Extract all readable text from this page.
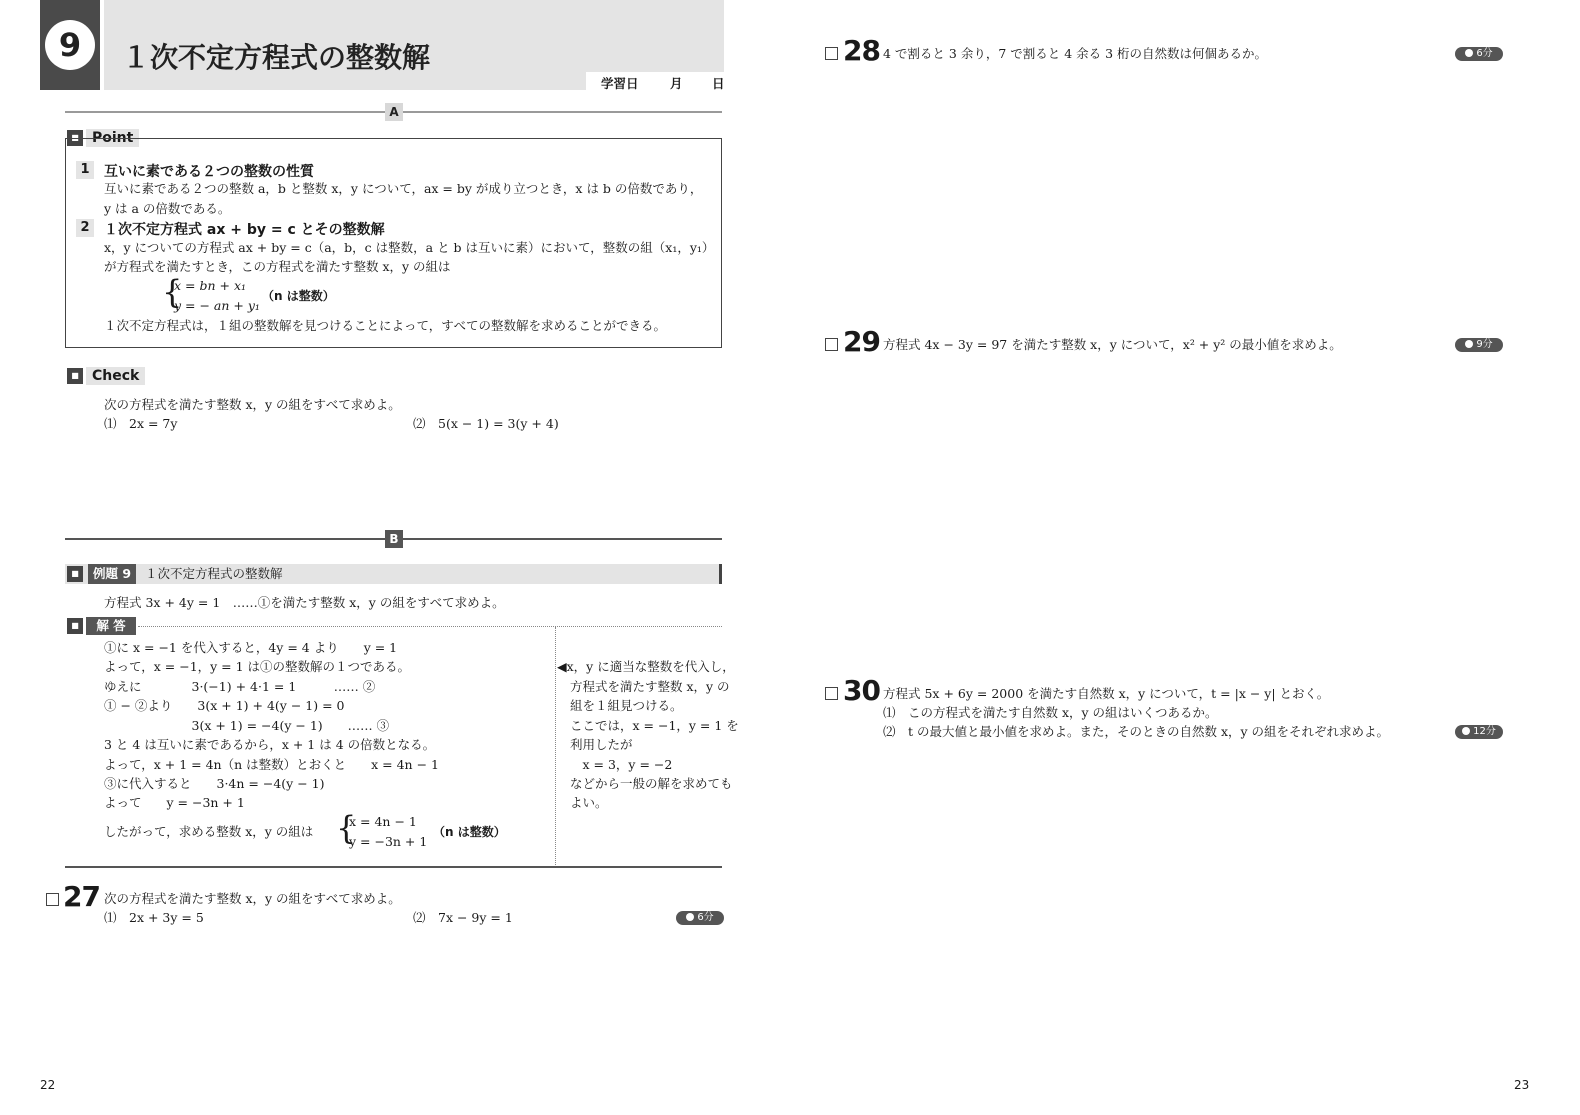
9	１次不定方程式の整数解
学習日	月 日
A
■ Point
1	互いに素である２つの整数の性質
互いに素である２つの整数 a，b と整数 x，y について，ax = by が成り立つとき，x は b の倍数であり，
y は a の倍数である。
2	１次不定方程式 ax + by = c とその整数解
x，y についての方程式 ax + by = c（a，b，c は整数，a と b は互いに素）において，整数の組（x₁，y₁）
が方程式を満たすとき，この方程式を満たす整数 x，y の組は
{
x = bn + x₁
y = − an + y₁
（n は整数）
１次不定方程式は，１組の整数解を見つけることによって，すべての整数解を求めることができる。
■ Check
次の方程式を満たす整数 x，y の組をすべて求めよ。
⑴　2x = 7y	⑵　5(x − 1) = 3(y + 4)
B
■	例題 9	１次不定方程式の整数解
方程式 3x + 4y = 1　……①を満たす整数 x，y の組をすべて求めよ。
■	解 答
①に x = −1 を代入すると，4y = 4 より　　y = 1
よって，x = −1，y = 1 は①の整数解の１つである。
ゆえに　　　　3·(−1) + 4·1 = 1　　　…… ②
① − ②より　　3(x + 1) + 4(y − 1) = 0
　　　　　　　3(x + 1) = −4(y − 1)　　…… ③
3 と 4 は互いに素であるから，x + 1 は 4 の倍数となる。
よって，x + 1 = 4n（n は整数）とおくと　　x = 4n − 1
③に代入すると　　3·4n = −4(y − 1)
よって　　y = −3n + 1
したがって，求める整数 x，y の組は {
x = 4n − 1
y = −3n + 1
（n は整数）
◀x，y に適当な整数を代入し，
方程式を満たす整数 x，y の
組を１組見つける。
ここでは，x = −1，y = 1 を
利用したが
　x = 3，y = −2
などから一般の解を求めても
よい。
27 次の方程式を満たす整数 x，y の組をすべて求めよ。
⑴　2x + 3y = 5	⑵　7x − 9y = 1	6分
22
28 4 で割ると 3 余り，7 で割ると 4 余る 3 桁の自然数は何個あるか。	6分
29 方程式 4x − 3y = 97 を満たす整数 x，y について，x² + y² の最小値を求めよ。	9分
30 方程式 5x + 6y = 2000 を満たす自然数 x，y について，t = |x − y| とおく。
⑴　この方程式を満たす自然数 x，y の組はいくつあるか。
⑵　t の最大値と最小値を求めよ。また，そのときの自然数 x，y の組をそれぞれ求めよ。	12分
23
